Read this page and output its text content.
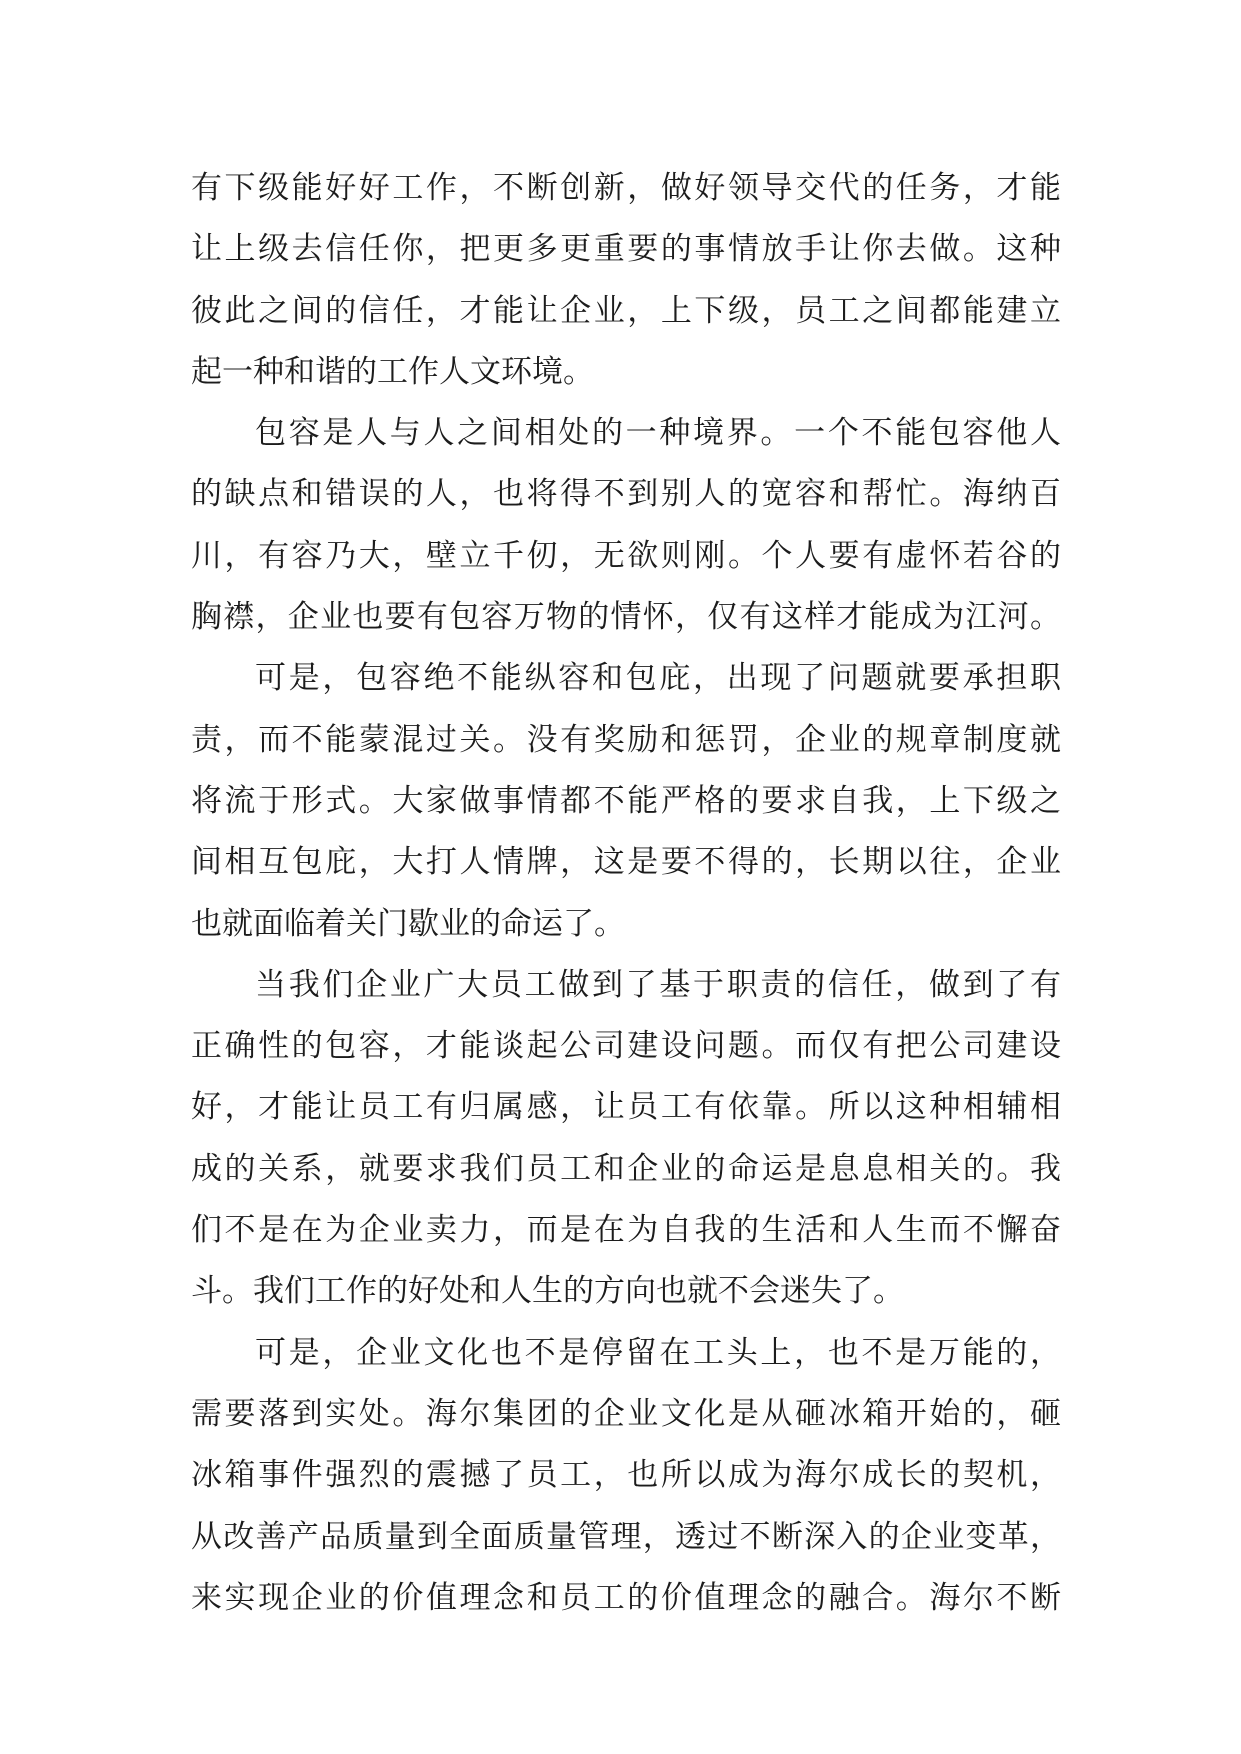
有下级能好好工作，不断创新，做好领导交代的任务，才能
让上级去信任你，把更多更重要的事情放手让你去做。这种
彼此之间的信任，才能让企业，上下级，员工之间都能建立
起一种和谐的工作人文环境。
包容是人与人之间相处的一种境界。一个不能包容他人
的缺点和错误的人，也将得不到别人的宽容和帮忙。海纳百
川，有容乃大，壁立千仞，无欲则刚。个人要有虚怀若谷的
胸襟，企业也要有包容万物的情怀，仅有这样才能成为江河。
可是，包容绝不能纵容和包庇，出现了问题就要承担职
责，而不能蒙混过关。没有奖励和惩罚，企业的规章制度就
将流于形式。大家做事情都不能严格的要求自我，上下级之
间相互包庇，大打人情牌，这是要不得的，长期以往，企业
也就面临着关门歇业的命运了。
当我们企业广大员工做到了基于职责的信任，做到了有
正确性的包容，才能谈起公司建设问题。而仅有把公司建设
好，才能让员工有归属感，让员工有依靠。所以这种相辅相
成的关系，就要求我们员工和企业的命运是息息相关的。我
们不是在为企业卖力，而是在为自我的生活和人生而不懈奋
斗。我们工作的好处和人生的方向也就不会迷失了。
可是，企业文化也不是停留在工头上，也不是万能的，
需要落到实处。海尔集团的企业文化是从砸冰箱开始的，砸
冰箱事件强烈的震撼了员工，也所以成为海尔成长的契机，
从改善产品质量到全面质量管理，透过不断深入的企业变革，
来实现企业的价值理念和员工的价值理念的融合。海尔不断
